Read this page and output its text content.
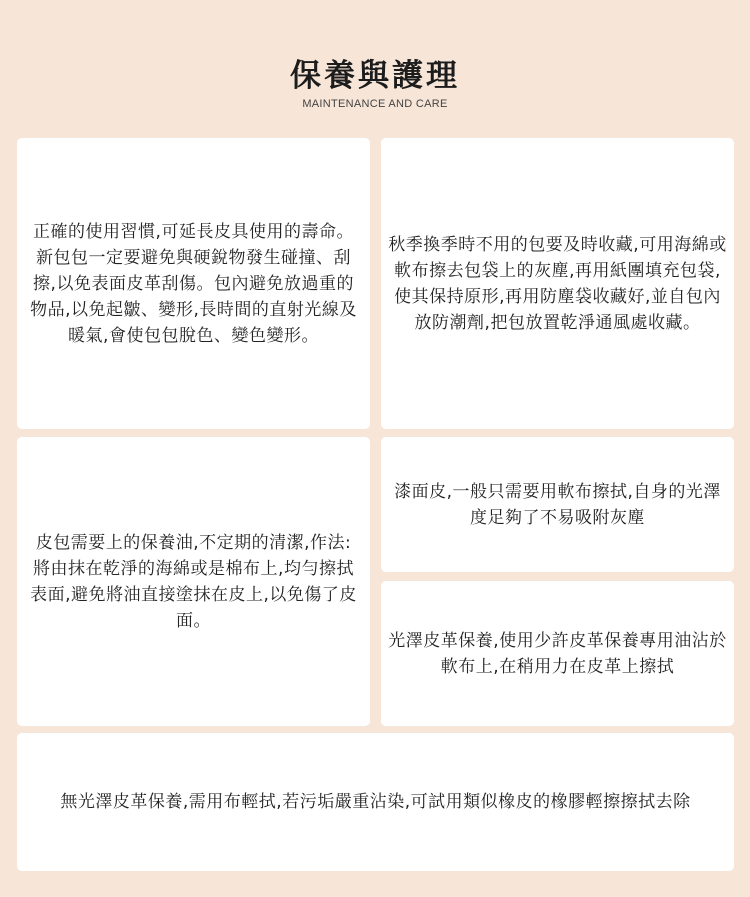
保養與護理
MAINTENANCE AND CARE

正確的使用習慣,可延長皮具使用的壽命。新包包一定要避免與硬銳物發生碰撞、刮擦,以免表面皮革刮傷。包內避免放過重的物品,以免起皺、變形,長時間的直射光線及暖氣,會使包包脫色、變色變形。

秋季換季時不用的包要及時收藏,可用海綿或軟布擦去包袋上的灰塵,再用紙團填充包袋,使其保持原形,再用防塵袋收藏好,並自包內放防潮劑,把包放置乾淨通風處收藏。

皮包需要上的保養油,不定期的清潔,作法:將由抹在乾淨的海綿或是棉布上,均勻擦拭表面,避免將油直接塗抹在皮上,以免傷了皮面。

漆面皮,一般只需要用軟布擦拭,自身的光澤度足夠了不易吸附灰塵

光澤皮革保養,使用少許皮革保養專用油沾於軟布上,在稍用力在皮革上擦拭

無光澤皮革保養,需用布輕拭,若污垢嚴重沾染,可試用類似橡皮的橡膠輕擦擦拭去除
